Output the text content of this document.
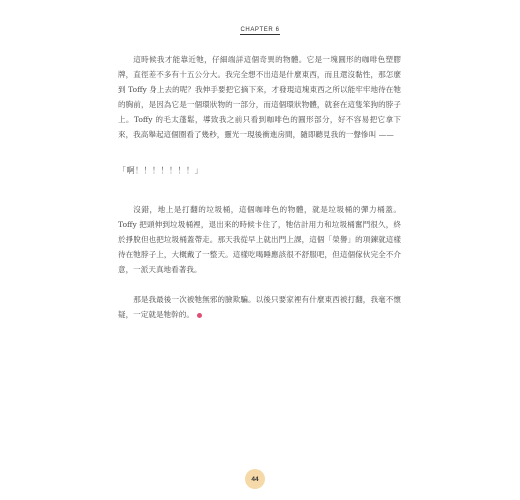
CHAPTER 6

這時候我才能靠近牠，仔細端詳這個奇異的物體。它是一塊圓形的咖啡色塑膠牌，直徑差不多有十五公分大。我完全想不出這是什麼東西，而且還沒黏性，那怎麼到 Toffy 身上去的呢？我伸手要把它摘下來，才發現這塊東西之所以能牢牢地待在牠的胸前，是因為它是一個環狀物的一部分，而這個環狀物體，就套在這隻笨狗的脖子上。Toffy 的毛太蓬鬆，導致我之前只看到咖啡色的圓形部分，好不容易把它拿下來，我高舉起這個圈看了幾秒，靈光一現後衝進房間，隨即聽見我的一聲慘叫 ——

「啊！！！！！！！」

沒錯，地上是打翻的垃圾桶，這個咖啡色的物體，就是垃圾桶的彈力桶蓋。Toffy 把頭伸到垃圾桶裡，退出來的時候卡住了，牠估計用力和垃圾桶奮鬥很久，終於掙脫但也把垃圾桶蓋帶走。那天我從早上就出門上課，這個「榮譽」的項鍊就這樣待在牠脖子上，大概戴了一整天。這樣吃喝睡應該很不舒服吧，但這個傢伙完全不介意，一派天真地看著我。

那是我最後一次被牠無邪的臉欺騙。以後只要家裡有什麼東西被打翻，我毫不懷疑，一定就是牠幹的。

44
